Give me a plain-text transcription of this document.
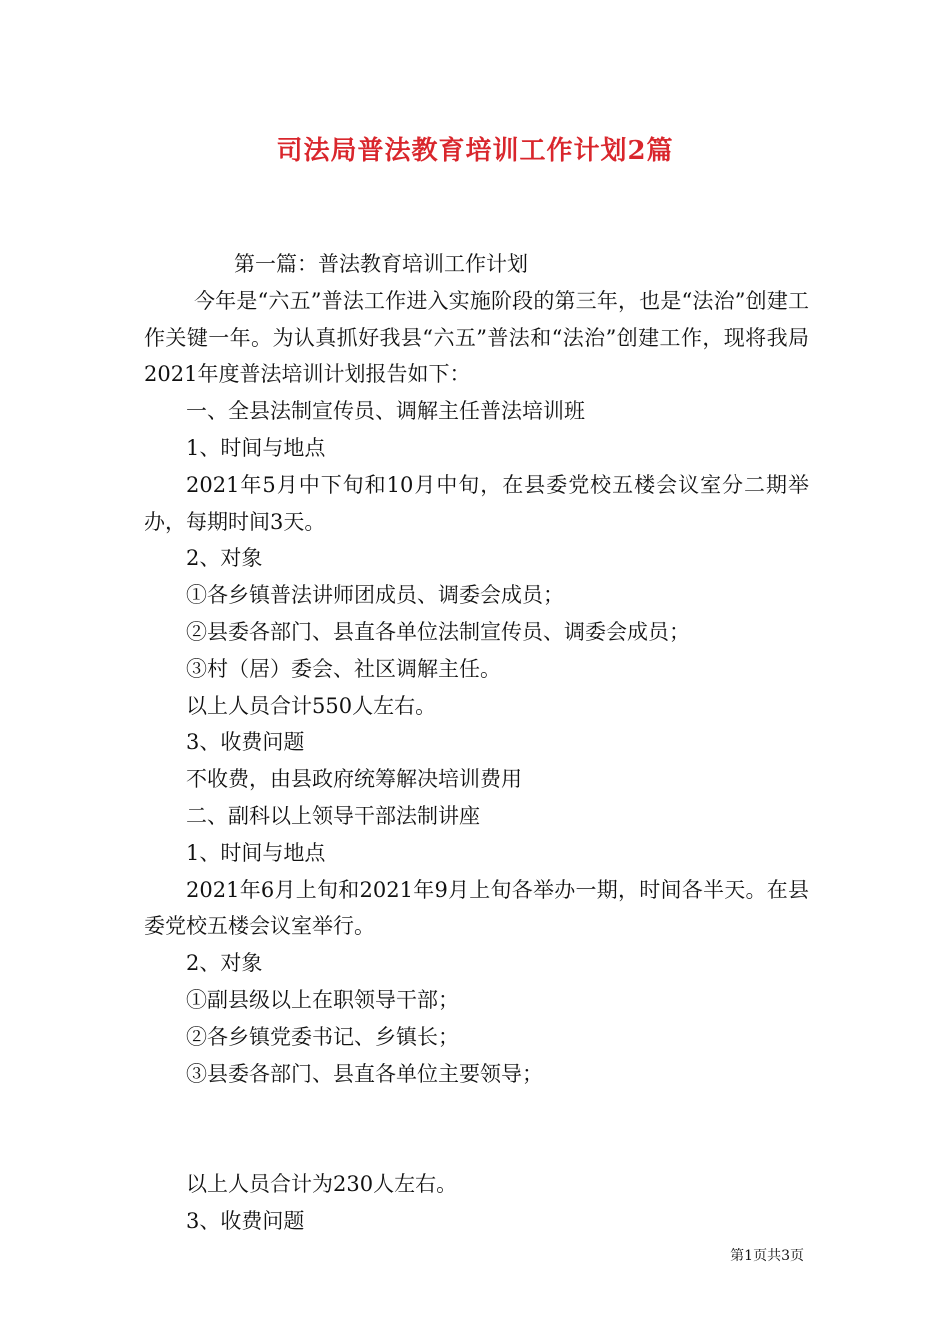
司法局普法教育培训工作计划2篇

第一篇：普法教育培训工作计划

今年是“六五”普法工作进入实施阶段的第三年，也是“法治”创建工作关键一年。为认真抓好我县“六五”普法和“法治”创建工作，现将我局2021年度普法培训计划报告如下：

一、全县法制宣传员、调解主任普法培训班

1、时间与地点

2021年5月中下旬和10月中旬，在县委党校五楼会议室分二期举办，每期时间3天。

2、对象

①各乡镇普法讲师团成员、调委会成员；

②县委各部门、县直各单位法制宣传员、调委会成员；

③村（居）委会、社区调解主任。

以上人员合计550人左右。

3、收费问题

不收费，由县政府统筹解决培训费用

二、副科以上领导干部法制讲座

1、时间与地点

2021年6月上旬和2021年9月上旬各举办一期，时间各半天。在县委党校五楼会议室举行。

2、对象

①副县级以上在职领导干部；

②各乡镇党委书记、乡镇长；

③县委各部门、县直各单位主要领导；

以上人员合计为230人左右。

3、收费问题

第1页共3页
